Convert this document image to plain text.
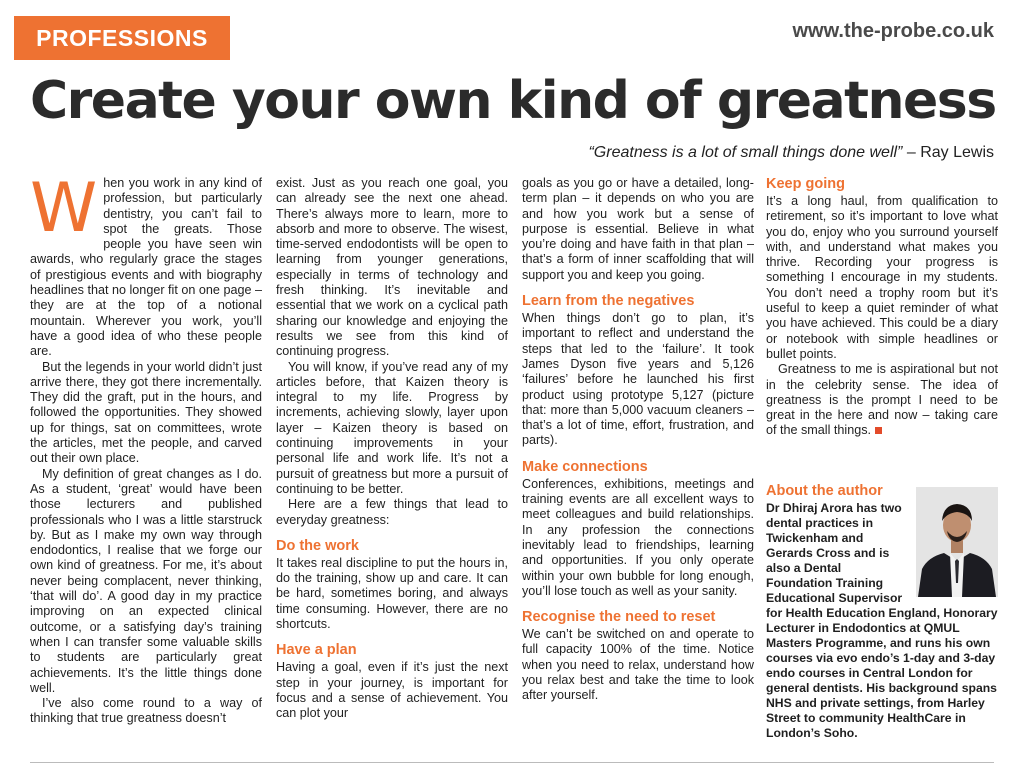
PROFESSIONS	www.the-probe.co.uk
Create your own kind of greatness
“Greatness is a lot of small things done well” – Ray Lewis
W hen you work in any kind of profession, but particularly dentistry, you can’t fail to spot the greats. Those people you have seen win awards, who regularly grace the stages of prestigious events and with biography headlines that no longer fit on one page – they are at the top of a notional mountain. Wherever you work, you’ll have a good idea of who these people are.

But the legends in your world didn’t just arrive there, they got there incrementally. They did the graft, put in the hours, and followed the opportunities. They showed up for things, sat on committees, wrote the articles, met the people, and carved out their own place.

My definition of great changes as I do. As a student, ‘great’ would have been those lecturers and published professionals who I was a little starstruck by. But as I make my own way through endodontics, I realise that we forge our own kind of greatness. For me, it’s about never being complacent, never thinking, ‘that will do’. A good day in my practice improving on an expected clinical outcome, or a satisfying day’s training when I can transfer some valuable skills to students are particularly great achievements. It’s the little things done well.

I’ve also come round to a way of thinking that true greatness doesn’t

exist. Just as you reach one goal, you can already see the next one ahead. There’s always more to learn, more to absorb and more to observe. The wisest, time-served endodontists will be open to learning from younger generations, especially in terms of technology and fresh thinking. It’s inevitable and essential that we work on a cyclical path sharing our knowledge and enjoying the results we see from this kind of continuing progress.

You will know, if you’ve read any of my articles before, that Kaizen theory is integral to my life. Progress by increments, achieving slowly, layer upon layer – Kaizen theory is based on continuing improvements in your personal life and work life. It’s not a pursuit of greatness but more a pursuit of continuing to be better.

Here are a few things that lead to everyday greatness:

Do the work

It takes real discipline to put the hours in, do the training, show up and care. It can be hard, sometimes boring, and always time consuming. However, there are no shortcuts.

Have a plan

Having a goal, even if it’s just the next step in your journey, is important for focus and a sense of achievement. You can plot your

goals as you go or have a detailed, long-term plan – it depends on who you are and how you work but a sense of purpose is essential. Believe in what you’re doing and have faith in that plan – that’s a form of inner scaffolding that will support you and keep you going.

Learn from the negatives

When things don’t go to plan, it’s important to reflect and understand the steps that led to the ‘failure’. It took James Dyson five years and 5,126 ‘failures’ before he launched his first product using prototype 5,127 (picture that: more than 5,000 vacuum cleaners – that’s a lot of time, effort, frustration, and parts).

Make connections

Conferences, exhibitions, meetings and training events are all excellent ways to meet colleagues and build relationships. In any profession the connections inevitably lead to friendships, learning and opportunities. If you only operate within your own bubble for long enough, you’ll lose touch as well as your sanity.

Recognise the need to reset

We can’t be switched on and operate to full capacity 100% of the time. Notice when you need to relax, understand how you relax best and take the time to look after yourself.

Keep going

It’s a long haul, from qualification to retirement, so it’s important to love what you do, enjoy who you surround yourself with, and understand what makes you thrive. Recording your progress is something I encourage in my students. You don’t need a trophy room but it’s useful to keep a quiet reminder of what you have achieved. This could be a diary or notebook with simple headlines or bullet points.

Greatness to me is aspirational but not in the celebrity sense. The idea of greatness is the prompt I need to be great in the here and now – taking care of the small things.

About the author

Dr Dhiraj Arora has two dental practices in Twickenham and Gerards Cross and is also a Dental Foundation Training Educational Supervisor for Health Education England, Honorary Lecturer in Endodontics at QMUL Masters Programme, and runs his own courses via evo endo’s 1-day and 3-day endo courses in Central London for general dentists. His background spans NHS and private settings, from Harley Street to community HealthCare in London’s Soho.
